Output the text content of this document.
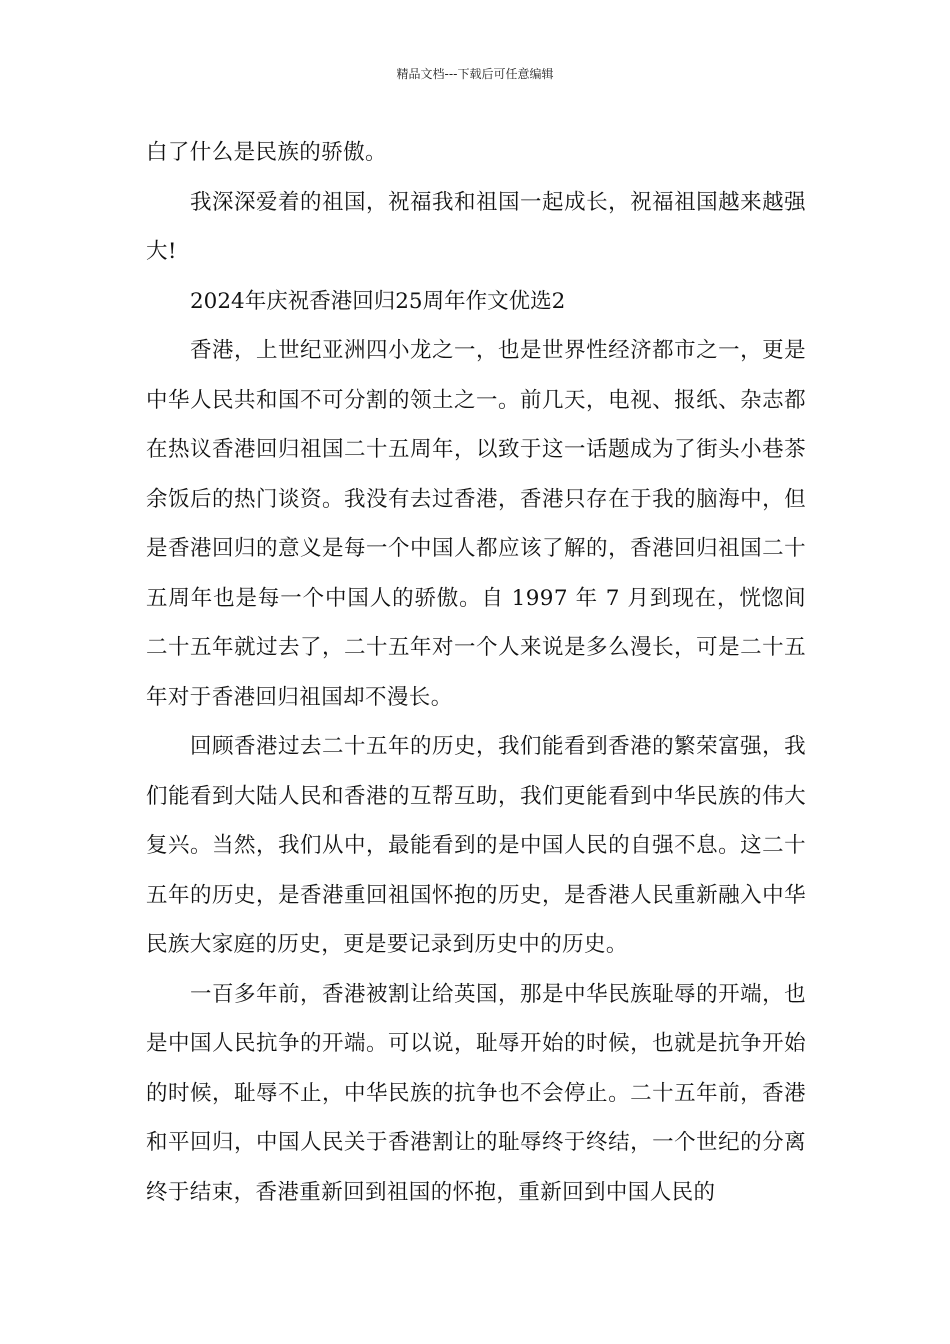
精品文档---下载后可任意编辑

白了什么是民族的骄傲。

我深深爱着的祖国，祝福我和祖国一起成长，祝福祖国越来越强大!

2024年庆祝香港回归25周年作文优选2

香港，上世纪亚洲四小龙之一，也是世界性经济都市之一，更是中华人民共和国不可分割的领土之一。前几天，电视、报纸、杂志都在热议香港回归祖国二十五周年，以致于这一话题成为了街头小巷茶余饭后的热门谈资。我没有去过香港，香港只存在于我的脑海中，但是香港回归的意义是每一个中国人都应该了解的，香港回归祖国二十五周年也是每一个中国人的骄傲。自 1997 年 7 月到现在，恍惚间二十五年就过去了，二十五年对一个人来说是多么漫长，可是二十五年对于香港回归祖国却不漫长。

回顾香港过去二十五年的历史，我们能看到香港的繁荣富强，我们能看到大陆人民和香港的互帮互助，我们更能看到中华民族的伟大复兴。当然，我们从中，最能看到的是中国人民的自强不息。这二十五年的历史，是香港重回祖国怀抱的历史，是香港人民重新融入中华民族大家庭的历史，更是要记录到历史中的历史。

一百多年前，香港被割让给英国，那是中华民族耻辱的开端，也是中国人民抗争的开端。可以说，耻辱开始的时候，也就是抗争开始的时候，耻辱不止，中华民族的抗争也不会停止。二十五年前，香港和平回归，中国人民关于香港割让的耻辱终于终结，一个世纪的分离终于结束，香港重新回到祖国的怀抱，重新回到中国人民的
